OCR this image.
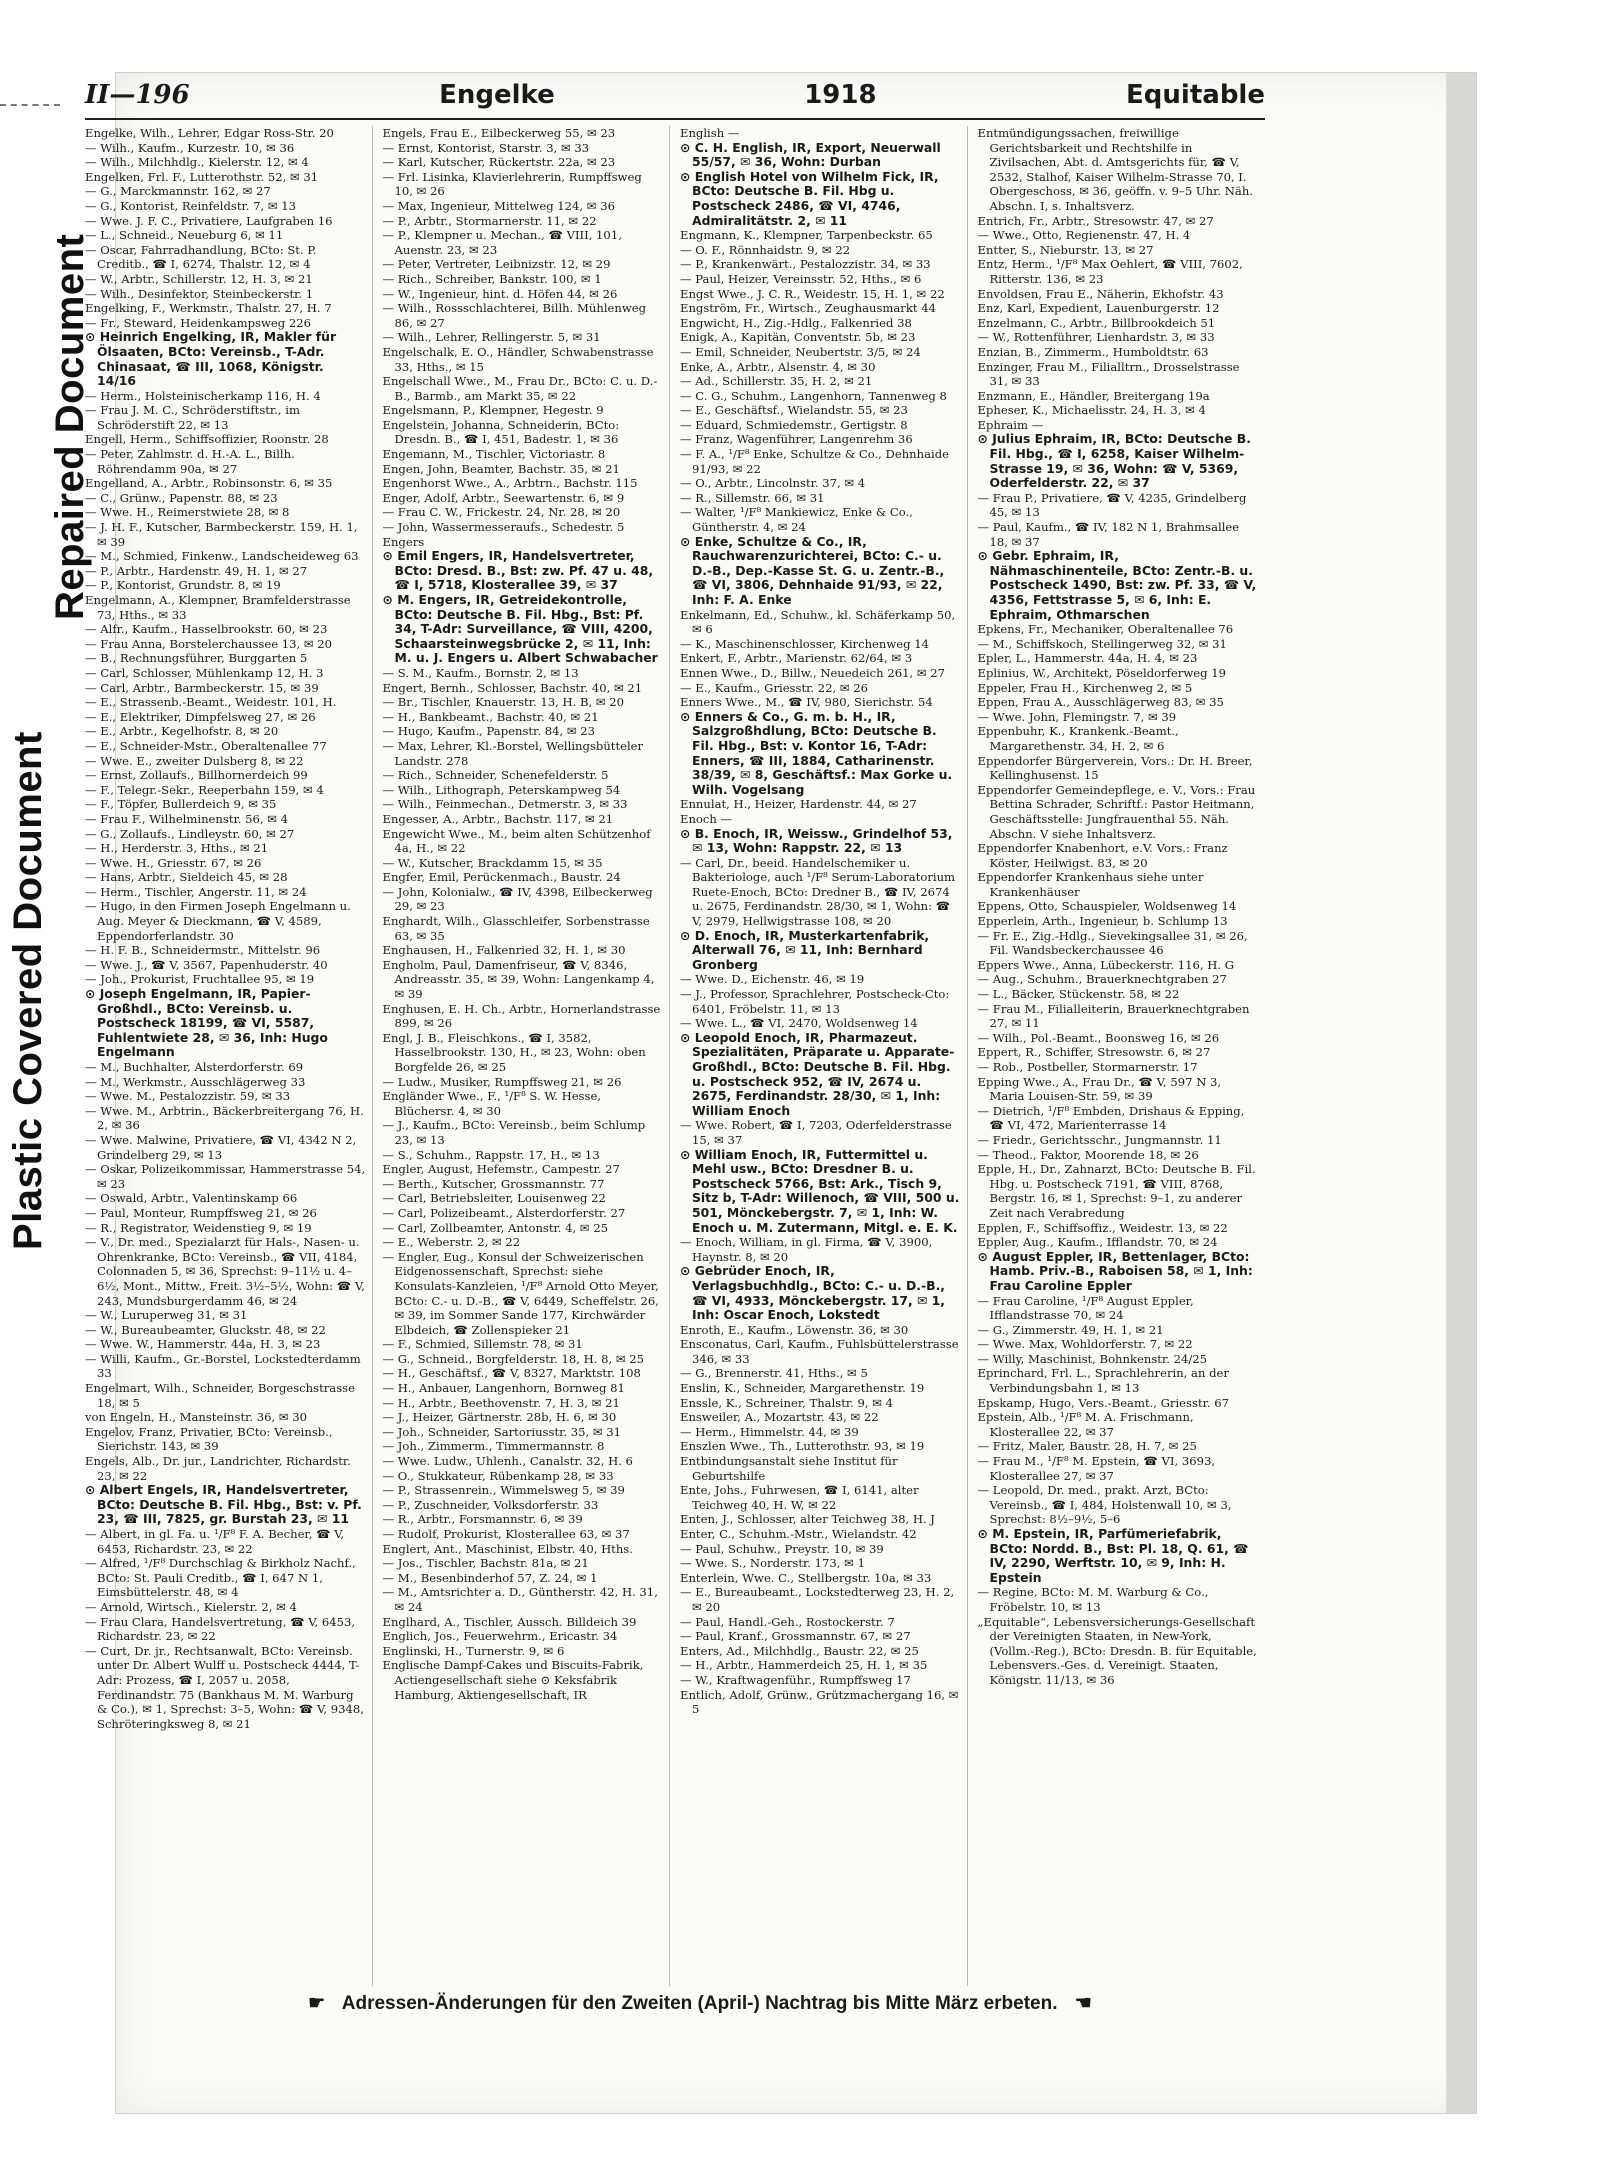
Plastic Covered Document
Repaired Document
II—196	Engelke	1918	Equitable

Engelke, Wilh., Lehrer, Edgar Ross-Str. 20

— Wilh., Kaufm., Kurzestr. 10, ✉ 36

— Wilh., Milchhdlg., Kielerstr. 12, ✉ 4

Engelken, Frl. F., Lutterothstr. 52, ✉ 31

— G., Marckmannstr. 162, ✉ 27

— G., Kontorist, Reinfeldstr. 7, ✉ 13

— Wwe. J. F. C., Privatiere, Laufgraben 16

— L., Schneid., Neueburg 6, ✉ 11

— Oscar, Fahrradhandlung, BCto: St. P. Creditb., ☎ I, 6274, Thalstr. 12, ✉ 4

— W., Arbtr., Schillerstr. 12, H. 3, ✉ 21

— Wilh., Desinfektor, Steinbeckerstr. 1

Engelking, F., Werkmstr., Thalstr. 27, H. 7

— Fr., Steward, Heidenkampsweg 226

⊙ Heinrich Engelking, IR, Makler für Ölsaaten, BCto: Vereinsb., T-Adr. Chinasaat, ☎ III, 1068, Königstr. 14/16

— Herm., Holsteinischerkamp 116, H. 4

— Frau J. M. C., Schröderstiftstr., im Schröderstift 22, ✉ 13

Engell, Herm., Schiffsoffizier, Roonstr. 28

— Peter, Zahlmstr. d. H.-A. L., Billh. Röhrendamm 90a, ✉ 27

Engelland, A., Arbtr., Robinsonstr. 6, ✉ 35

— C., Grünw., Papenstr. 88, ✉ 23

— Wwe. H., Reimerstwiete 28, ✉ 8

— J. H. F., Kutscher, Barmbeckerstr. 159, H. 1, ✉ 39

— M., Schmied, Finkenw., Landscheideweg 63

— P., Arbtr., Hardenstr. 49, H. 1, ✉ 27

— P., Kontorist, Grundstr. 8, ✉ 19

Engelmann, A., Klempner, Bramfelderstrasse 73, Hths., ✉ 33

— Alfr., Kaufm., Hasselbrookstr. 60, ✉ 23

— Frau Anna, Borstelerchaussee 13, ✉ 20

— B., Rechnungsführer, Burggarten 5

— Carl, Schlosser, Mühlenkamp 12, H. 3

— Carl, Arbtr., Barmbeckerstr. 15, ✉ 39

— E., Strassenb.-Beamt., Weidestr. 101, H.

— E., Elektriker, Dimpfelsweg 27, ✉ 26

— E., Arbtr., Kegelhofstr. 8, ✉ 20

— E., Schneider-Mstr., Oberaltenallee 77

— Wwe. E., zweiter Dulsberg 8, ✉ 22

— Ernst, Zollaufs., Billhornerdeich 99

— F., Telegr.-Sekr., Reeperbahn 159, ✉ 4

— F., Töpfer, Bullerdeich 9, ✉ 35

— Frau F., Wilhelminenstr. 56, ✉ 4

— G., Zollaufs., Lindleystr. 60, ✉ 27

— H., Herderstr. 3, Hths., ✉ 21

— Wwe. H., Griesstr. 67, ✉ 26

— Hans, Arbtr., Sieldeich 45, ✉ 28

— Herm., Tischler, Angerstr. 11, ✉ 24

— Hugo, in den Firmen Joseph Engelmann u. Aug. Meyer & Dieckmann, ☎ V, 4589, Eppendorferlandstr. 30

— H. F. B., Schneidermstr., Mittelstr. 96

— Wwe. J., ☎ V, 3567, Papenhuderstr. 40

— Joh., Prokurist, Fruchtallee 95, ✉ 19

⊙ Joseph Engelmann, IR, Papier-Großhdl., BCto: Vereinsb. u. Postscheck 18199, ☎ VI, 5587, Fuhlentwiete 28, ✉ 36, Inh: Hugo Engelmann

— M., Buchhalter, Alsterdorferstr. 69

— M., Werkmstr., Ausschlägerweg 33

— Wwe. M., Pestalozzistr. 59, ✉ 33

— Wwe. M., Arbtrin., Bäckerbreitergang 76, H. 2, ✉ 36

— Wwe. Malwine, Privatiere, ☎ VI, 4342 N 2, Grindelberg 29, ✉ 13

— Oskar, Polizeikommissar, Hammerstrasse 54, ✉ 23

— Oswald, Arbtr., Valentinskamp 66

— Paul, Monteur, Rumpffsweg 21, ✉ 26

— R., Registrator, Weidenstieg 9, ✉ 19

— V., Dr. med., Spezialarzt für Hals-, Nasen- u. Ohrenkranke, BCto: Vereinsb., ☎ VII, 4184, Colonnaden 5, ✉ 36, Sprechst: 9–11½ u. 4–6½, Mont., Mittw., Freit. 3½–5½, Wohn: ☎ V, 243, Mundsburgerdamm 46, ✉ 24

— W., Luruperweg 31, ✉ 31

— W., Bureaubeamter, Gluckstr. 48, ✉ 22

— Wwe. W., Hammerstr. 44a, H. 3, ✉ 23

— Willi, Kaufm., Gr.-Borstel, Lockstedterdamm 33

Engelmart, Wilh., Schneider, Borgeschstrasse 18, ✉ 5

von Engeln, H., Mansteinstr. 36, ✉ 30

Engelov, Franz, Privatier, BCto: Vereinsb., Sierichstr. 143, ✉ 39

Engels, Alb., Dr. jur., Landrichter, Richardstr. 23, ✉ 22

⊙ Albert Engels, IR, Handelsvertreter, BCto: Deutsche B. Fil. Hbg., Bst: v. Pf. 23, ☎ III, 7825, gr. Burstah 23, ✉ 11

— Albert, in gl. Fa. u. ¹/F⁸ F. A. Becher, ☎ V, 6453, Richardstr. 23, ✉ 22

— Alfred, ¹/F⁸ Durchschlag & Birkholz Nachf., BCto: St. Pauli Creditb., ☎ I, 647 N 1, Eimsbüttelerstr. 48, ✉ 4

— Arnold, Wirtsch., Kielerstr. 2, ✉ 4

— Frau Clara, Handelsvertretung, ☎ V, 6453, Richardstr. 23, ✉ 22

— Curt, Dr. jr., Rechtsanwalt, BCto: Vereinsb. unter Dr. Albert Wulff u. Postscheck 4444, T-Adr: Prozess, ☎ I, 2057 u. 2058, Ferdinandstr. 75 (Bankhaus M. M. Warburg & Co.), ✉ 1, Sprechst: 3–5, Wohn: ☎ V, 9348, Schröteringksweg 8, ✉ 21

Engels, Frau E., Eilbeckerweg 55, ✉ 23

— Ernst, Kontorist, Starstr. 3, ✉ 33

— Karl, Kutscher, Rückertstr. 22a, ✉ 23

— Frl. Lisinka, Klavierlehrerin, Rumpffsweg 10, ✉ 26

— Max, Ingenieur, Mittelweg 124, ✉ 36

— P., Arbtr., Stormarnerstr. 11, ✉ 22

— P., Klempner u. Mechan., ☎ VIII, 101, Auenstr. 23, ✉ 23

— Peter, Vertreter, Leibnizstr. 12, ✉ 29

— Rich., Schreiber, Bankstr. 100, ✉ 1

— W., Ingenieur, hint. d. Höfen 44, ✉ 26

— Wilh., Rossschlachterei, Billh. Mühlenweg 86, ✉ 27

— Wilh., Lehrer, Rellingerstr. 5, ✉ 31

Engelschalk, E. O., Händler, Schwabenstrasse 33, Hths., ✉ 15

Engelschall Wwe., M., Frau Dr., BCto: C. u. D.-B., Barmb., am Markt 35, ✉ 22

Engelsmann, P., Klempner, Hegestr. 9

Engelstein, Johanna, Schneiderin, BCto: Dresdn. B., ☎ I, 451, Badestr. 1, ✉ 36

Engemann, M., Tischler, Victoriastr. 8

Engen, John, Beamter, Bachstr. 35, ✉ 21

Engenhorst Wwe., A., Arbtrn., Bachstr. 115

Enger, Adolf, Arbtr., Seewartenstr. 6, ✉ 9

— Frau C. W., Frickestr. 24, Nr. 28, ✉ 20

— John, Wassermesseraufs., Schedestr. 5

Engers

⊙ Emil Engers, IR, Handelsvertreter, BCto: Dresd. B., Bst: zw. Pf. 47 u. 48, ☎ I, 5718, Klosterallee 39, ✉ 37

⊙ M. Engers, IR, Getreidekontrolle, BCto: Deutsche B. Fil. Hbg., Bst: Pf. 34, T-Adr: Surveillance, ☎ VIII, 4200, Schaarsteinwegsbrücke 2, ✉ 11, Inh: M. u. J. Engers u. Albert Schwabacher

— S. M., Kaufm., Bornstr. 2, ✉ 13

Engert, Bernh., Schlosser, Bachstr. 40, ✉ 21

— Br., Tischler, Knauerstr. 13, H. B, ✉ 20

— H., Bankbeamt., Bachstr. 40, ✉ 21

— Hugo, Kaufm., Papenstr. 84, ✉ 23

— Max, Lehrer, Kl.-Borstel, Wellingsbütteler Landstr. 278

— Rich., Schneider, Schenefelderstr. 5

— Wilh., Lithograph, Peterskampweg 54

— Wilh., Feinmechan., Detmerstr. 3, ✉ 33

Engesser, A., Arbtr., Bachstr. 117, ✉ 21

Engewicht Wwe., M., beim alten Schützenhof 4a, H., ✉ 22

— W., Kutscher, Brackdamm 15, ✉ 35

Engfer, Emil, Perückenmach., Baustr. 24

— John, Kolonialw., ☎ IV, 4398, Eilbeckerweg 29, ✉ 23

Enghardt, Wilh., Glasschleifer, Sorbenstrasse 63, ✉ 35

Enghausen, H., Falkenried 32, H. 1, ✉ 30

Engholm, Paul, Damenfriseur, ☎ V, 8346, Andreasstr. 35, ✉ 39, Wohn: Langenkamp 4, ✉ 39

Enghusen, E. H. Ch., Arbtr., Hornerlandstrasse 899, ✉ 26

Engl, J. B., Fleischkons., ☎ I, 3582, Hasselbrookstr. 130, H., ✉ 23, Wohn: oben Borgfelde 26, ✉ 25

— Ludw., Musiker, Rumpffsweg 21, ✉ 26

Engländer Wwe., F., ¹/F⁸ S. W. Hesse, Blüchersr. 4, ✉ 30

— J., Kaufm., BCto: Vereinsb., beim Schlump 23, ✉ 13

— S., Schuhm., Rappstr. 17, H., ✉ 13

Engler, August, Hefemstr., Campestr. 27

— Berth., Kutscher, Grossmannstr. 77

— Carl, Betriebsleiter, Louisenweg 22

— Carl, Polizeibeamt., Alsterdorferstr. 27

— Carl, Zollbeamter, Antonstr. 4, ✉ 25

— E., Weberstr. 2, ✉ 22

— Engler, Eug., Konsul der Schweizerischen Eidgenossenschaft, Sprechst: siehe Konsulats-Kanzleien, ¹/F⁸ Arnold Otto Meyer, BCto: C.- u. D.-B., ☎ V, 6449, Scheffelstr. 26, ✉ 39, im Sommer Sande 177, Kirchwärder Elbdeich, ☎ Zollenspieker 21

— F., Schmied, Sillemstr. 78, ✉ 31

— G., Schneid., Borgfelderstr. 18, H. 8, ✉ 25

— H., Geschäftsf., ☎ V, 8327, Marktstr. 108

— H., Anbauer, Langenhorn, Bornweg 81

— H., Arbtr., Beethovenstr. 7, H. 3, ✉ 21

— J., Heizer, Gärtnerstr. 28b, H. 6, ✉ 30

— Joh., Schneider, Sartoriusstr. 35, ✉ 31

— Joh., Zimmerm., Timmermannstr. 8

— Wwe. Ludw., Uhlenh., Canalstr. 32, H. 6

— O., Stukkateur, Rübenkamp 28, ✉ 33

— P., Strassenrein., Wimmelsweg 5, ✉ 39

— P., Zuschneider, Volksdorferstr. 33

— R., Arbtr., Forsmannstr. 6, ✉ 39

— Rudolf, Prokurist, Klosterallee 63, ✉ 37

Englert, Ant., Maschinist, Elbstr. 40, Hths.

— Jos., Tischler, Bachstr. 81a, ✉ 21

— M., Besenbinderhof 57, Z. 24, ✉ 1

— M., Amtsrichter a. D., Güntherstr. 42, H. 31, ✉ 24

Englhard, A., Tischler, Aussch. Billdeich 39

Englich, Jos., Feuerwehrm., Ericastr. 34

Englinski, H., Turnerstr. 9, ✉ 6

Englische Dampf-Cakes und Biscuits-Fabrik, Actiengesellschaft siehe ⊙ Keksfabrik Hamburg, Aktiengesellschaft, IR

English —

⊙ C. H. English, IR, Export, Neuerwall 55/57, ✉ 36, Wohn: Durban

⊙ English Hotel von Wilhelm Fick, IR, BCto: Deutsche B. Fil. Hbg u. Postscheck 2486, ☎ VI, 4746, Admiralitätstr. 2, ✉ 11

Engmann, K., Klempner, Tarpenbeckstr. 65

— O. F., Rönnhaidstr. 9, ✉ 22

— P., Krankenwärt., Pestalozzistr. 34, ✉ 33

— Paul, Heizer, Vereinsstr. 52, Hths., ✉ 6

Engst Wwe., J. C. R., Weidestr. 15, H. 1, ✉ 22

Engström, Fr., Wirtsch., Zeughausmarkt 44

Engwicht, H., Zig.-Hdlg., Falkenried 38

Enigk, A., Kapitän, Conventstr. 5b, ✉ 23

— Emil, Schneider, Neubertstr. 3/5, ✉ 24

Enke, A., Arbtr., Alsenstr. 4, ✉ 30

— Ad., Schillerstr. 35, H. 2, ✉ 21

— C. G., Schuhm., Langenhorn, Tannenweg 8

— E., Geschäftsf., Wielandstr. 55, ✉ 23

— Eduard, Schmiedemstr., Gertigstr. 8

— Franz, Wagenführer, Langenrehm 36

— F. A., ¹/F⁸ Enke, Schultze & Co., Dehnhaide 91/93, ✉ 22

— O., Arbtr., Lincolnstr. 37, ✉ 4

— R., Sillemstr. 66, ✉ 31

— Walter, ¹/F⁸ Mankiewicz, Enke & Co., Güntherstr. 4, ✉ 24

⊙ Enke, Schultze & Co., IR, Rauchwarenzurichterei, BCto: C.- u. D.-B., Dep.-Kasse St. G. u. Zentr.-B., ☎ VI, 3806, Dehnhaide 91/93, ✉ 22, Inh: F. A. Enke

Enkelmann, Ed., Schuhw., kl. Schäferkamp 50, ✉ 6

— K., Maschinenschlosser, Kirchenweg 14

Enkert, F., Arbtr., Marienstr. 62/64, ✉ 3

Ennen Wwe., D., Billw., Neuedeich 261, ✉ 27

— E., Kaufm., Griesstr. 22, ✉ 26

Enners Wwe., M., ☎ IV, 980, Sierichstr. 54

⊙ Enners & Co., G. m. b. H., IR, Salzgroßhdlung, BCto: Deutsche B. Fil. Hbg., Bst: v. Kontor 16, T-Adr: Enners, ☎ III, 1884, Catharinenstr. 38/39, ✉ 8, Geschäftsf.: Max Gorke u. Wilh. Vogelsang

Ennulat, H., Heizer, Hardenstr. 44, ✉ 27

Enoch —

⊙ B. Enoch, IR, Weissw., Grindelhof 53, ✉ 13, Wohn: Rappstr. 22, ✉ 13

— Carl, Dr., beeid. Handelschemiker u. Bakteriologe, auch ¹/F⁸ Serum-Laboratorium Ruete-Enoch, BCto: Dredner B., ☎ IV, 2674 u. 2675, Ferdinandstr. 28/30, ✉ 1, Wohn: ☎ V, 2979, Hellwigstrasse 108, ✉ 20

⊙ D. Enoch, IR, Musterkartenfabrik, Alterwall 76, ✉ 11, Inh: Bernhard Gronberg

— Wwe. D., Eichenstr. 46, ✉ 19

— J., Professor, Sprachlehrer, Postscheck-Cto: 6401, Fröbelstr. 11, ✉ 13

— Wwe. L., ☎ VI, 2470, Woldsenweg 14

⊙ Leopold Enoch, IR, Pharmazeut. Spezialitäten, Präparate u. Apparate-Großhdl., BCto: Deutsche B. Fil. Hbg. u. Postscheck 952, ☎ IV, 2674 u. 2675, Ferdinandstr. 28/30, ✉ 1, Inh: William Enoch

— Wwe. Robert, ☎ I, 7203, Oderfelderstrasse 15, ✉ 37

⊙ William Enoch, IR, Futtermittel u. Mehl usw., BCto: Dresdner B. u. Postscheck 5766, Bst: Ark., Tisch 9, Sitz b, T-Adr: Willenoch, ☎ VIII, 500 u. 501, Mönckebergstr. 7, ✉ 1, Inh: W. Enoch u. M. Zutermann, Mitgl. e. E. K.

— Enoch, William, in gl. Firma, ☎ V, 3900, Haynstr. 8, ✉ 20

⊙ Gebrüder Enoch, IR, Verlagsbuchhdlg., BCto: C.- u. D.-B., ☎ VI, 4933, Mönckebergstr. 17, ✉ 1, Inh: Oscar Enoch, Lokstedt

Enroth, E., Kaufm., Löwenstr. 36, ✉ 30

Ensconatus, Carl, Kaufm., Fuhlsbüttelerstrasse 346, ✉ 33

— G., Brennerstr. 41, Hths., ✉ 5

Enslin, K., Schneider, Margarethenstr. 19

Enssle, K., Schreiner, Thalstr. 9, ✉ 4

Ensweiler, A., Mozartstr. 43, ✉ 22

— Herm., Himmelstr. 44, ✉ 39

Enszlen Wwe., Th., Lutterothstr. 93, ✉ 19

Entbindungsanstalt siehe Institut für Geburtshilfe

Ente, Johs., Fuhrwesen, ☎ I, 6141, alter Teichweg 40, H. W, ✉ 22

Enten, J., Schlosser, alter Teichweg 38, H. J

Enter, C., Schuhm.-Mstr., Wielandstr. 42

— Paul, Schuhw., Preystr. 10, ✉ 39

— Wwe. S., Norderstr. 173, ✉ 1

Enterlein, Wwe. C., Stellbergstr. 10a, ✉ 33

— E., Bureaubeamt., Lockstedterweg 23, H. 2, ✉ 20

— Paul, Handl.-Geh., Rostockerstr. 7

— Paul, Kranf., Grossmannstr. 67, ✉ 27

Enters, Ad., Milchhdlg., Baustr. 22, ✉ 25

— H., Arbtr., Hammerdeich 25, H. 1, ✉ 35

— W., Kraftwagenführ., Rumpffsweg 17

Entlich, Adolf, Grünw., Grützmachergang 16, ✉ 5

Entmündigungssachen, freiwillige Gerichtsbarkeit und Rechtshilfe in Zivilsachen, Abt. d. Amtsgerichts für, ☎ V, 2532, Stalhof, Kaiser Wilhelm-Strasse 70, I. Obergeschoss, ✉ 36, geöffn. v. 9–5 Uhr. Näh. Abschn. I, s. Inhaltsverz.

Entrich, Fr., Arbtr., Stresowstr. 47, ✉ 27

— Wwe., Otto, Regienenstr. 47, H. 4

Entter, S., Nieburstr. 13, ✉ 27

Entz, Herm., ¹/F⁸ Max Oehlert, ☎ VIII, 7602, Ritterstr. 136, ✉ 23

Envoldsen, Frau E., Näherin, Ekhofstr. 43

Enz, Karl, Expedient, Lauenburgerstr. 12

Enzelmann, C., Arbtr., Billbrookdeich 51

— W., Rottenführer, Lienhardstr. 3, ✉ 33

Enzian, B., Zimmerm., Humboldtstr. 63

Enzinger, Frau M., Filialltrn., Drosselstrasse 31, ✉ 33

Enzmann, E., Händler, Breitergang 19a

Epheser, K., Michaelisstr. 24, H. 3, ✉ 4

Ephraim —

⊙ Julius Ephraim, IR, BCto: Deutsche B. Fil. Hbg., ☎ I, 6258, Kaiser Wilhelm-Strasse 19, ✉ 36, Wohn: ☎ V, 5369, Oderfelderstr. 22, ✉ 37

— Frau P., Privatiere, ☎ V, 4235, Grindelberg 45, ✉ 13

— Paul, Kaufm., ☎ IV, 182 N 1, Brahmsallee 18, ✉ 37

⊙ Gebr. Ephraim, IR, Nähmaschinenteile, BCto: Zentr.-B. u. Postscheck 1490, Bst: zw. Pf. 33, ☎ V, 4356, Fettstrasse 5, ✉ 6, Inh: E. Ephraim, Othmarschen

Epkens, Fr., Mechaniker, Oberaltenallee 76

— M., Schiffskoch, Stellingerweg 32, ✉ 31

Epler, L., Hammerstr. 44a, H. 4, ✉ 23

Eplinius, W., Architekt, Pöseldorferweg 19

Eppeler, Frau H., Kirchenweg 2, ✉ 5

Eppen, Frau A., Ausschlägerweg 83, ✉ 35

— Wwe. John, Flemingstr. 7, ✉ 39

Eppenbuhr, K., Krankenk.-Beamt., Margarethenstr. 34, H. 2, ✉ 6

Eppendorfer Bürgerverein, Vors.: Dr. H. Breer, Kellinghusenst. 15

Eppendorfer Gemeindepflege, e. V., Vors.: Frau Bettina Schrader, Schriftf.: Pastor Heitmann, Geschäftsstelle: Jungfrauenthal 55. Näh. Abschn. V siehe Inhaltsverz.

Eppendorfer Knabenhort, e.V. Vors.: Franz Köster, Heilwigst. 83, ✉ 20

Eppendorfer Krankenhaus siehe unter Krankenhäuser

Eppens, Otto, Schauspieler, Woldsenweg 14

Epperlein, Arth., Ingenieur, b. Schlump 13

— Fr. E., Zig.-Hdlg., Sievekingsallee 31, ✉ 26, Fil. Wandsbeckerchaussee 46

Eppers Wwe., Anna, Lübeckerstr. 116, H. G

— Aug., Schuhm., Brauerknechtgraben 27

— L., Bäcker, Stückenstr. 58, ✉ 22

— Frau M., Filialleiterin, Brauerknechtgraben 27, ✉ 11

— Wilh., Pol.-Beamt., Boonsweg 16, ✉ 26

Eppert, R., Schiffer, Stresowstr. 6, ✉ 27

— Rob., Postbeller, Stormarnerstr. 17

Epping Wwe., A., Frau Dr., ☎ V, 597 N 3, Maria Louisen-Str. 59, ✉ 39

— Dietrich, ¹/F⁸ Embden, Drishaus & Epping, ☎ VI, 472, Marienterrasse 14

— Friedr., Gerichtsschr., Jungmannstr. 11

— Theod., Faktor, Moorende 18, ✉ 26

Epple, H., Dr., Zahnarzt, BCto: Deutsche B. Fil. Hbg. u. Postscheck 7191, ☎ VIII, 8768, Bergstr. 16, ✉ 1, Sprechst: 9–1, zu anderer Zeit nach Verabredung

Epplen, F., Schiffsoffiz., Weidestr. 13, ✉ 22

Eppler, Aug., Kaufm., Ifflandstr. 70, ✉ 24

⊙ August Eppler, IR, Bettenlager, BCto: Hamb. Priv.-B., Raboisen 58, ✉ 1, Inh: Frau Caroline Eppler

— Frau Caroline, ¹/F⁸ August Eppler, Ifflandstrasse 70, ✉ 24

— G., Zimmerstr. 49, H. 1, ✉ 21

— Wwe. Max, Wohldorferstr. 7, ✉ 22

— Willy, Maschinist, Bohnkenstr. 24/25

Eprinchard, Frl. L., Sprachlehrerin, an der Verbindungsbahn 1, ✉ 13

Epskamp, Hugo, Vers.-Beamt., Griesstr. 67

Epstein, Alb., ¹/F⁸ M. A. Frischmann, Klosterallee 22, ✉ 37

— Fritz, Maler, Baustr. 28, H. 7, ✉ 25

— Frau M., ¹/F⁸ M. Epstein, ☎ VI, 3693, Klosterallee 27, ✉ 37

— Leopold, Dr. med., prakt. Arzt, BCto: Vereinsb., ☎ I, 484, Holstenwall 10, ✉ 3, Sprechst: 8½–9½, 5–6

⊙ M. Epstein, IR, Parfümeriefabrik, BCto: Nordd. B., Bst: Pl. 18, Q. 61, ☎ IV, 2290, Werftstr. 10, ✉ 9, Inh: H. Epstein

— Regine, BCto: M. M. Warburg & Co., Fröbelstr. 10, ✉ 13

„Equitable“, Lebensversicherungs-Gesellschaft der Vereinigten Staaten, in New-York, (Vollm.-Reg.), BCto: Dresdn. B. für Equitable, Lebensvers.-Ges. d. Vereinigt. Staaten, Königstr. 11/13, ✉ 36

☛ Adressen-Änderungen für den Zweiten (April-) Nachtrag bis Mitte März erbeten. ☚
